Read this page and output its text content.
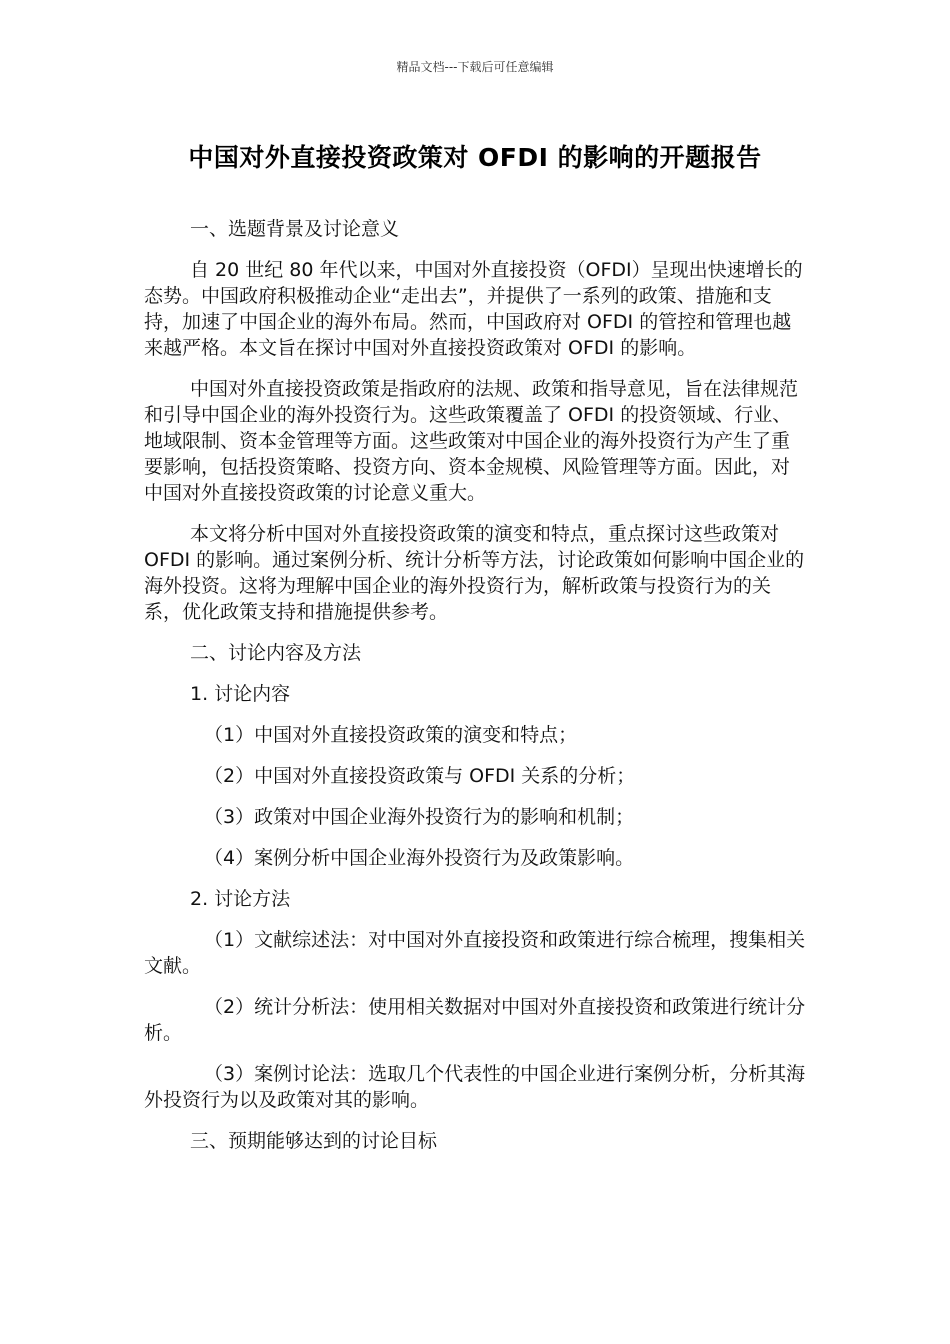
精品文档---下载后可任意编辑
中国对外直接投资政策对 OFDI 的影响的开题报告

一、选题背景及讨论意义

自 20 世纪 80 年代以来，中国对外直接投资（OFDI）呈现出快速增长的态势。中国政府积极推动企业“走出去”，并提供了一系列的政策、措施和支持，加速了中国企业的海外布局。然而，中国政府对 OFDI 的管控和管理也越来越严格。本文旨在探讨中国对外直接投资政策对 OFDI 的影响。

中国对外直接投资政策是指政府的法规、政策和指导意见，旨在法律规范和引导中国企业的海外投资行为。这些政策覆盖了 OFDI 的投资领域、行业、地域限制、资本金管理等方面。这些政策对中国企业的海外投资行为产生了重要影响，包括投资策略、投资方向、资本金规模、风险管理等方面。因此，对中国对外直接投资政策的讨论意义重大。

本文将分析中国对外直接投资政策的演变和特点，重点探讨这些政策对 OFDI 的影响。通过案例分析、统计分析等方法，讨论政策如何影响中国企业的海外投资。这将为理解中国企业的海外投资行为，解析政策与投资行为的关系，优化政策支持和措施提供参考。

二、讨论内容及方法

1. 讨论内容

（1）中国对外直接投资政策的演变和特点；

（2）中国对外直接投资政策与 OFDI 关系的分析；

（3）政策对中国企业海外投资行为的影响和机制；

（4）案例分析中国企业海外投资行为及政策影响。

2. 讨论方法

（1）文献综述法：对中国对外直接投资和政策进行综合梳理，搜集相关文献。

（2）统计分析法：使用相关数据对中国对外直接投资和政策进行统计分析。

（3）案例讨论法：选取几个代表性的中国企业进行案例分析，分析其海外投资行为以及政策对其的影响。

三、预期能够达到的讨论目标
